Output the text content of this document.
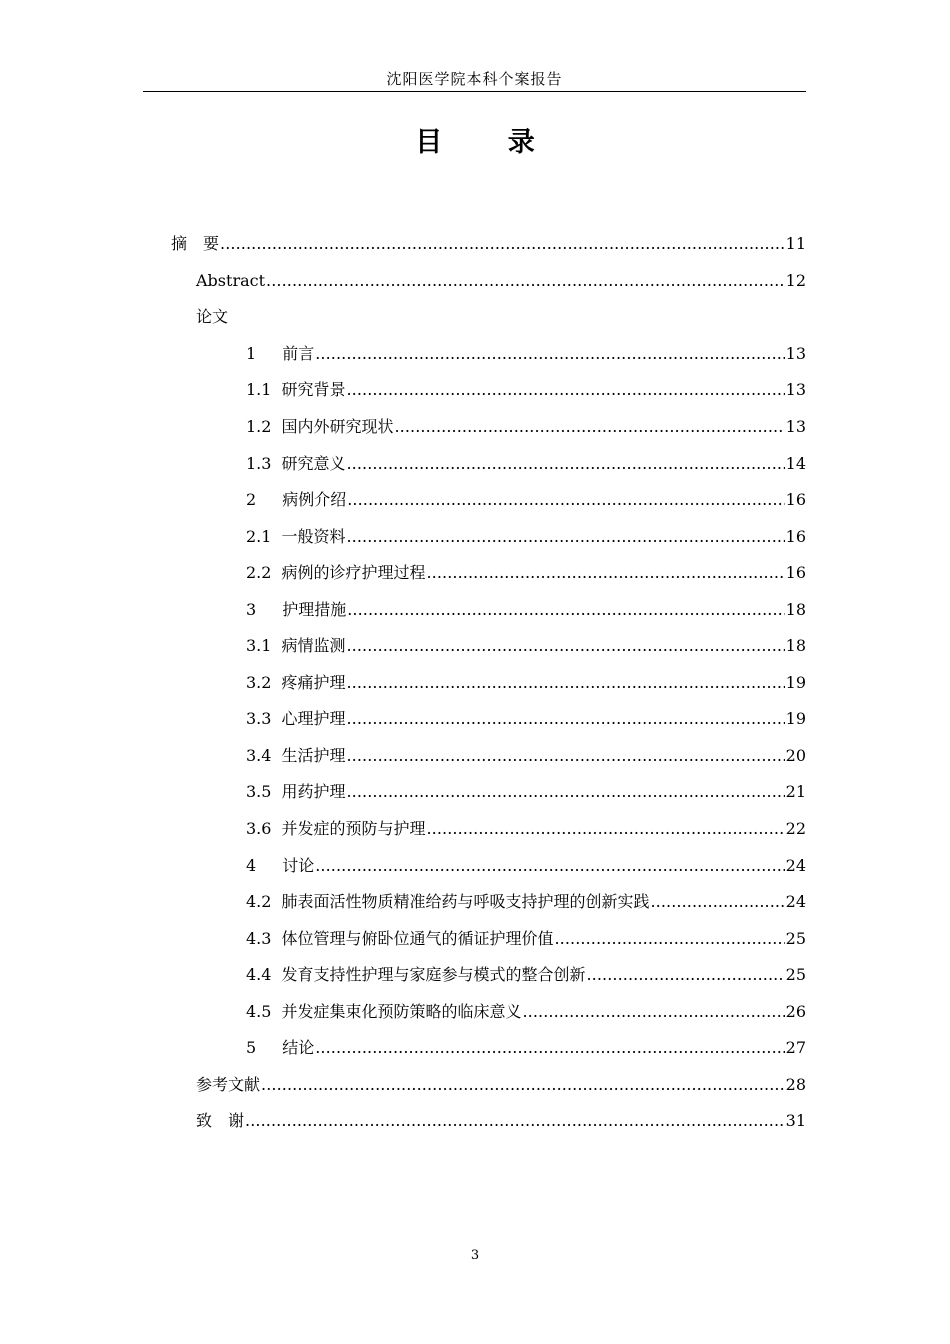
沈阳医学院本科个案报告
目 录
摘　要 .....	11
Abstract .....	12
论文
1　 前言 .....	13
1.1 研究背景 .....	13
1.2 国内外研究现状 .....	13
1.3 研究意义 .....	14
2　 病例介绍 .....	16
2.1 一般资料 .....	16
2.2 病例的诊疗护理过程 .....	16
3　 护理措施 .....	18
3.1 病情监测 .....	18
3.2 疼痛护理 .....	19
3.3 心理护理 .....	19
3.4 生活护理 .....	20
3.5 用药护理 .....	21
3.6 并发症的预防与护理 .....	22
4　 讨论 .....	24
4.2 肺表面活性物质精准给药与呼吸支持护理的创新实践 .....	24
4.3 体位管理与俯卧位通气的循证护理价值 .....	25
4.4 发育支持性护理与家庭参与模式的整合创新 .....	25
4.5 并发症集束化预防策略的临床意义 .....	26
5　 结论 .....	27
参考文献 .....	28
致　谢 .....	31
3
